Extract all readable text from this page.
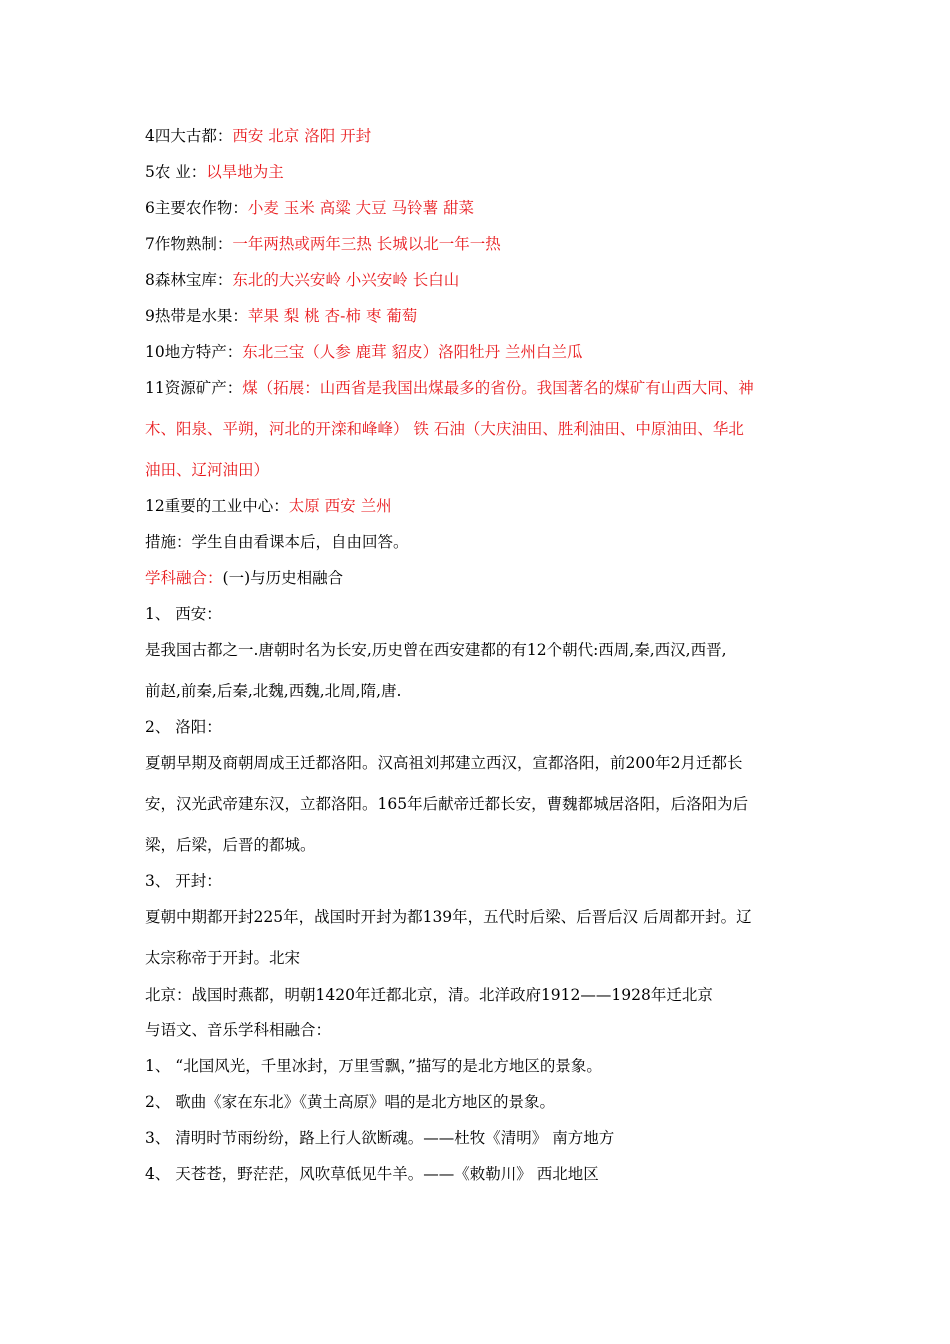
4四大古都：西安 北京 洛阳 开封
5农 业：以旱地为主
6主要农作物：小麦 玉米 高粱 大豆 马铃薯 甜菜
7作物熟制：一年两热或两年三热 长城以北一年一热
8森林宝库：东北的大兴安岭 小兴安岭 长白山
9热带是水果：苹果 梨 桃 杏-柿 枣 葡萄
10地方特产：东北三宝（人参 鹿茸 貂皮）洛阳牡丹 兰州白兰瓜
11资源矿产：煤（拓展：山西省是我国出煤最多的省份。我国著名的煤矿有山西大同、神
木、阳泉、平朔，河北的开滦和峰峰） 铁 石油（大庆油田、胜利油田、中原油田、华北
油田、辽河油田）
12重要的工业中心：太原 西安 兰州
措施：学生自由看课本后，自由回答。
学科融合：(一)与历史相融合
1、 西安：
是我国古都之一.唐朝时名为长安,历史曾在西安建都的有12个朝代:西周,秦,西汉,西晋,
前赵,前秦,后秦,北魏,西魏,北周,隋,唐.
2、 洛阳：
夏朝早期及商朝周成王迁都洛阳。汉高祖刘邦建立西汉，宣都洛阳，前200年2月迁都长
安，汉光武帝建东汉，立都洛阳。165年后献帝迁都长安，曹魏都城居洛阳，后洛阳为后
梁，后梁，后晋的都城。
3、 开封：
夏朝中期都开封225年，战国时开封为都139年，五代时后梁、后晋后汉 后周都开封。辽
太宗称帝于开封。北宋
北京：战国时燕都，明朝1420年迁都北京，清。北洋政府1912——1928年迁北京
与语文、音乐学科相融合：
1、 “北国风光，千里冰封，万里雪飘，”描写的是北方地区的景象。
2、 歌曲《家在东北》《黄土高原》唱的是北方地区的景象。
3、 清明时节雨纷纷，路上行人欲断魂。——杜牧《清明》 南方地方
4、 天苍苍，野茫茫，风吹草低见牛羊。——《敕勒川》 西北地区
